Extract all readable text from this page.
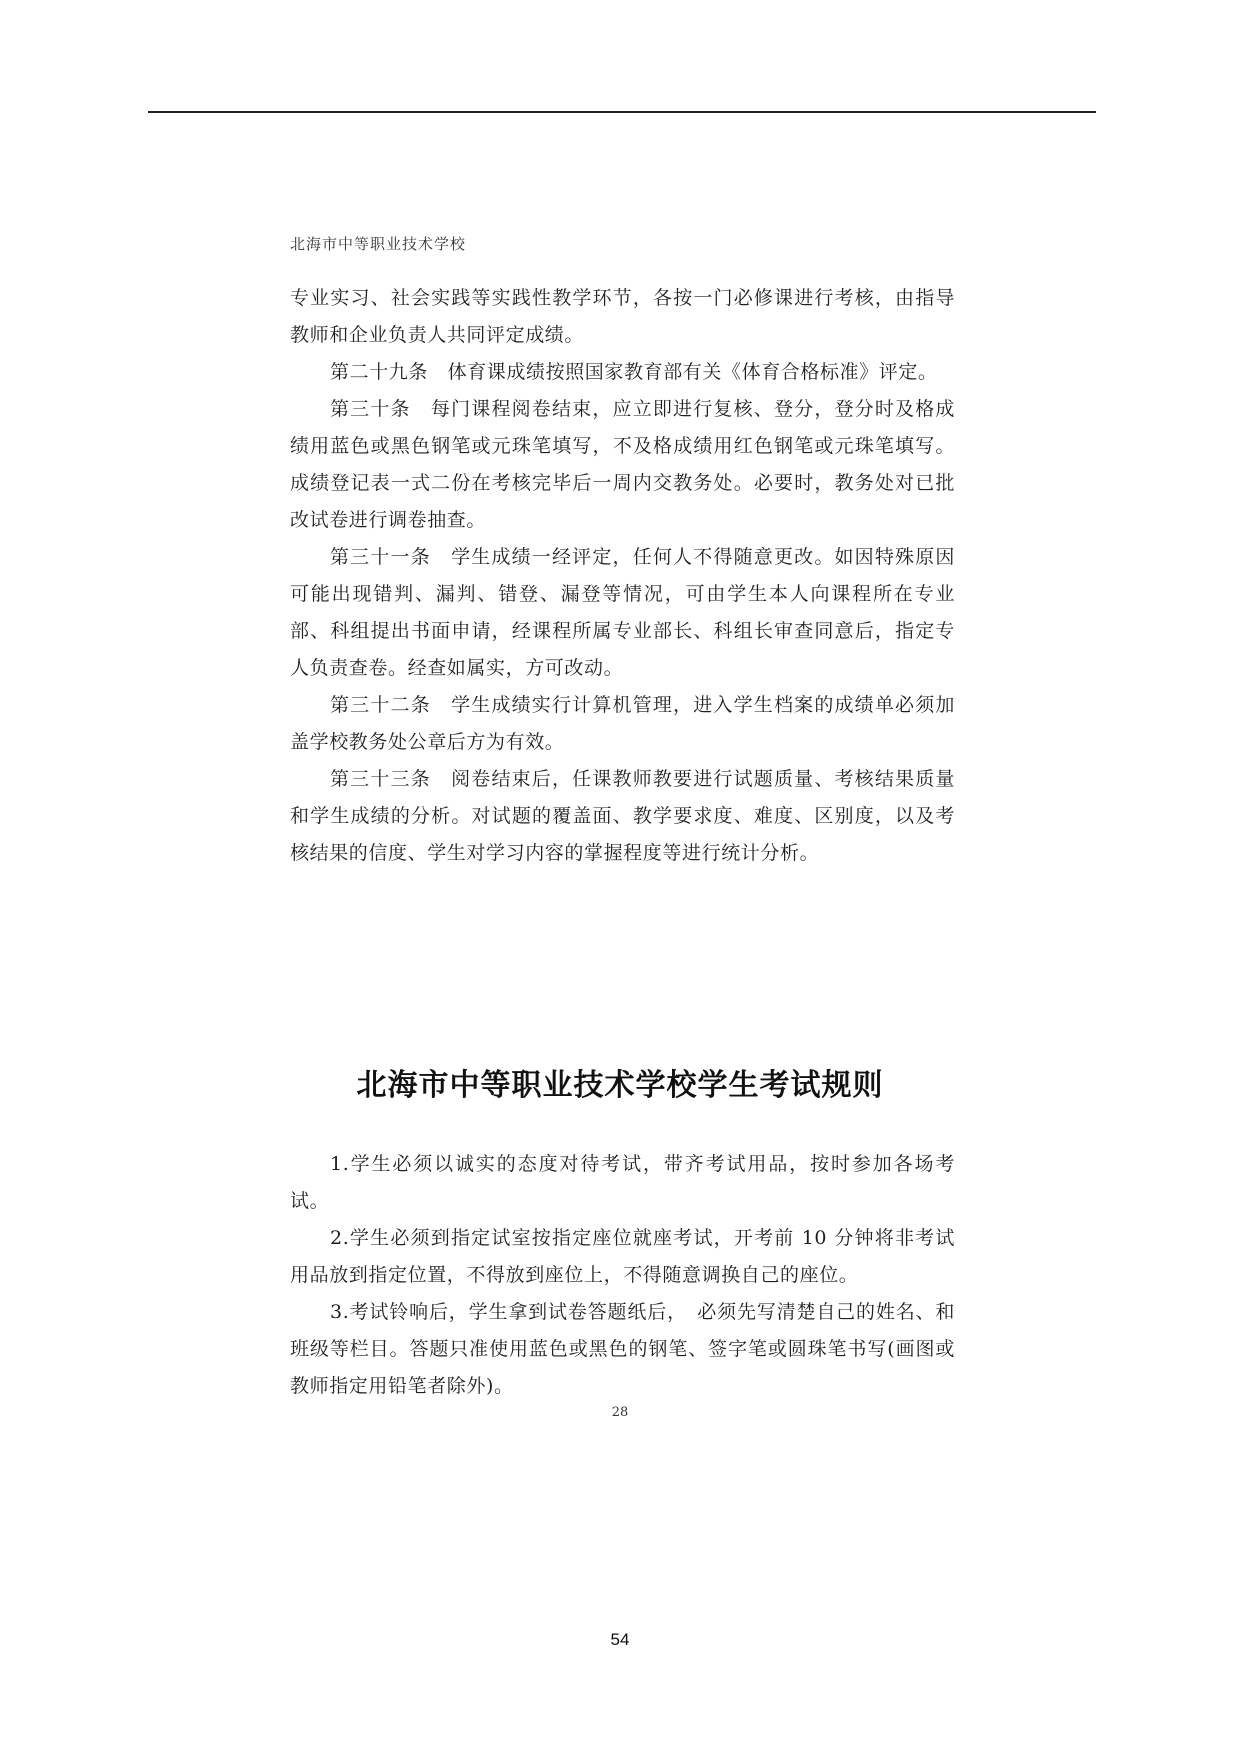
北海市中等职业技术学校

专业实习、社会实践等实践性教学环节，各按一门必修课进行考核，由指导教师和企业负责人共同评定成绩。

第二十九条　体育课成绩按照国家教育部有关《体育合格标准》评定。

第三十条　每门课程阅卷结束，应立即进行复核、登分，登分时及格成绩用蓝色或黑色钢笔或元珠笔填写，不及格成绩用红色钢笔或元珠笔填写。成绩登记表一式二份在考核完毕后一周内交教务处。必要时，教务处对已批改试卷进行调卷抽查。

第三十一条　学生成绩一经评定，任何人不得随意更改。如因特殊原因可能出现错判、漏判、错登、漏登等情况，可由学生本人向课程所在专业部、科组提出书面申请，经课程所属专业部长、科组长审查同意后，指定专人负责查卷。经查如属实，方可改动。

第三十二条　学生成绩实行计算机管理，进入学生档案的成绩单必须加盖学校教务处公章后方为有效。

第三十三条　阅卷结束后，任课教师教要进行试题质量、考核结果质量和学生成绩的分析。对试题的覆盖面、教学要求度、难度、区别度，以及考核结果的信度、学生对学习内容的掌握程度等进行统计分析。

北海市中等职业技术学校学生考试规则

1.学生必须以诚实的态度对待考试，带齐考试用品，按时参加各场考试。

2.学生必须到指定试室按指定座位就座考试，开考前 10 分钟将非考试用品放到指定位置，不得放到座位上，不得随意调换自己的座位。

3.考试铃响后，学生拿到试卷答题纸后，　必须先写清楚自己的姓名、和班级等栏目。答题只准使用蓝色或黑色的钢笔、签字笔或圆珠笔书写(画图或教师指定用铅笔者除外)。

28
54
